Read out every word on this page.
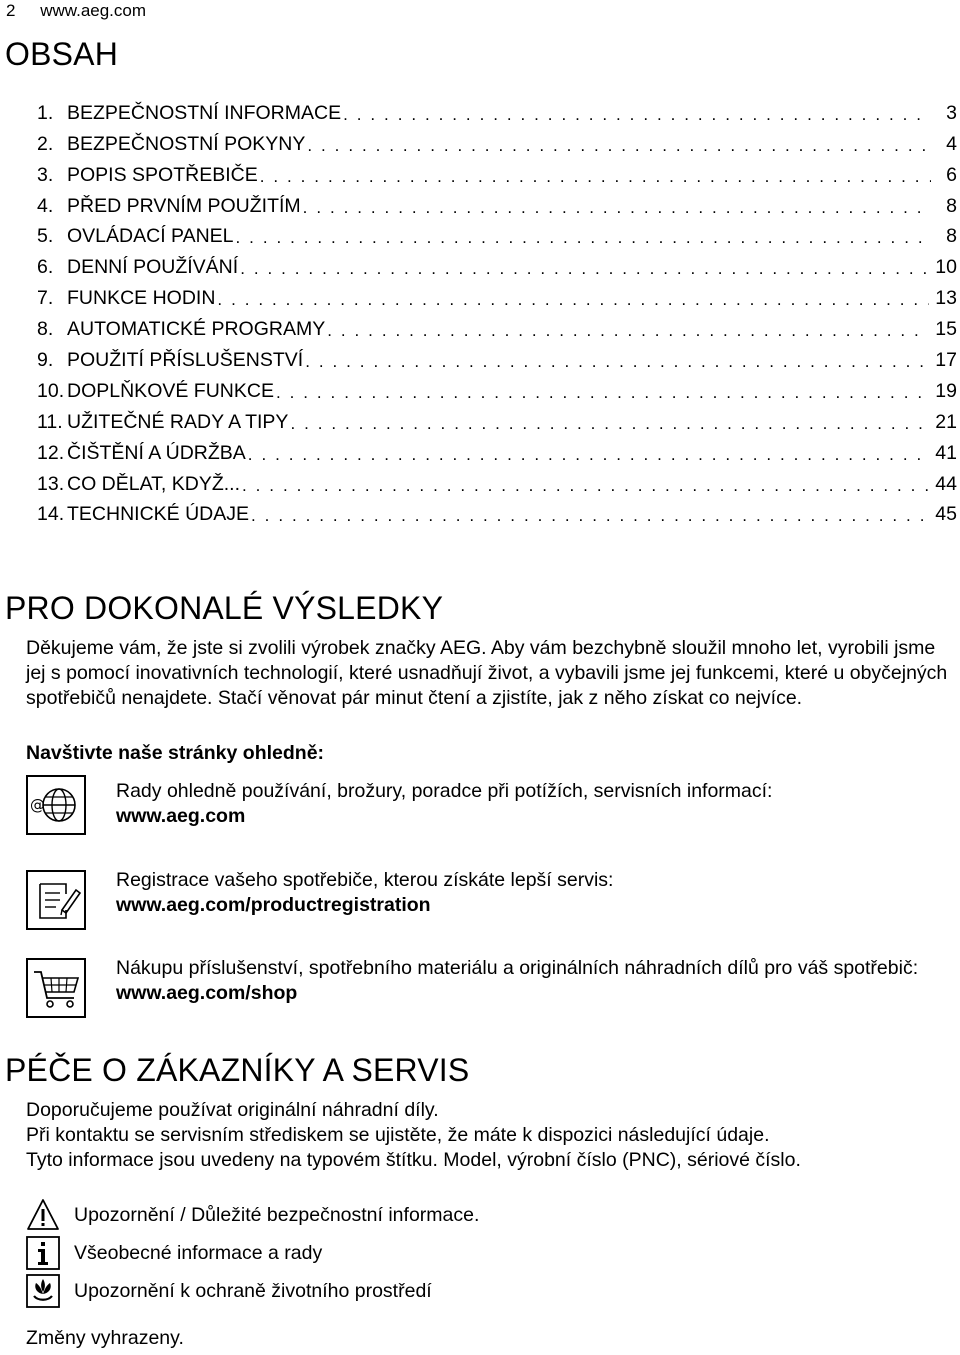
2 www.aeg.com
OBSAH
1. BEZPEČNOSTNÍ INFORMACE . . .	3
2. BEZPEČNOSTNÍ POKYNY . . .	4
3. POPIS SPOTŘEBIČE . . .	6
4. PŘED PRVNÍM POUŽITÍM . . .	8
5. OVLÁDACÍ PANEL . . .	8
6. DENNÍ POUŽÍVÁNÍ . . .	10
7. FUNKCE HODIN . . .	13
8. AUTOMATICKÉ PROGRAMY . . .	15
9. POUŽITÍ PŘÍSLUŠENSTVÍ . . .	17
10. DOPLŇKOVÉ FUNKCE . . .	19
11. UŽITEČNÉ RADY A TIPY . . .	21
12. ČIŠTĚNÍ A ÚDRŽBA . . .	41
13. CO DĚLAT, KDYŽ... . . .	44
14. TECHNICKÉ ÚDAJE . . .	45
PRO DOKONALÉ VÝSLEDKY

Děkujeme vám, že jste si zvolili výrobek značky AEG. Aby vám bezchybně sloužil mnoho let, vyrobili jsme jej s pomocí inovativních technologií, které usnadňují život, a vybavili jsme jej funkcemi, které u obyčejných spotřebičů nenajdete. Stačí věnovat pár minut čtení a zjistíte, jak z něho získat co nejvíce.

Navštivte naše stránky ohledně:

@
Rady ohledně používání, brožury, poradce při potížích, servisních informací:
www.aeg.com
Registrace vašeho spotřebiče, kterou získáte lepší servis:
www.aeg.com/productregistration
Nákupu příslušenství, spotřebního materiálu a originálních náhradních dílů pro váš spotřebič:
www.aeg.com/shop
PÉČE O ZÁKAZNÍKY A SERVIS

Doporučujeme používat originální náhradní díly.

Při kontaktu se servisním střediskem se ujistěte, že máte k dispozici následující údaje.

Tyto informace jsou uvedeny na typovém štítku. Model, výrobní číslo (PNC), sériové číslo.

Upozornění / Důležité bezpečnostní informace.
Všeobecné informace a rady
Upozornění k ochraně životního prostředí

Změny vyhrazeny.
